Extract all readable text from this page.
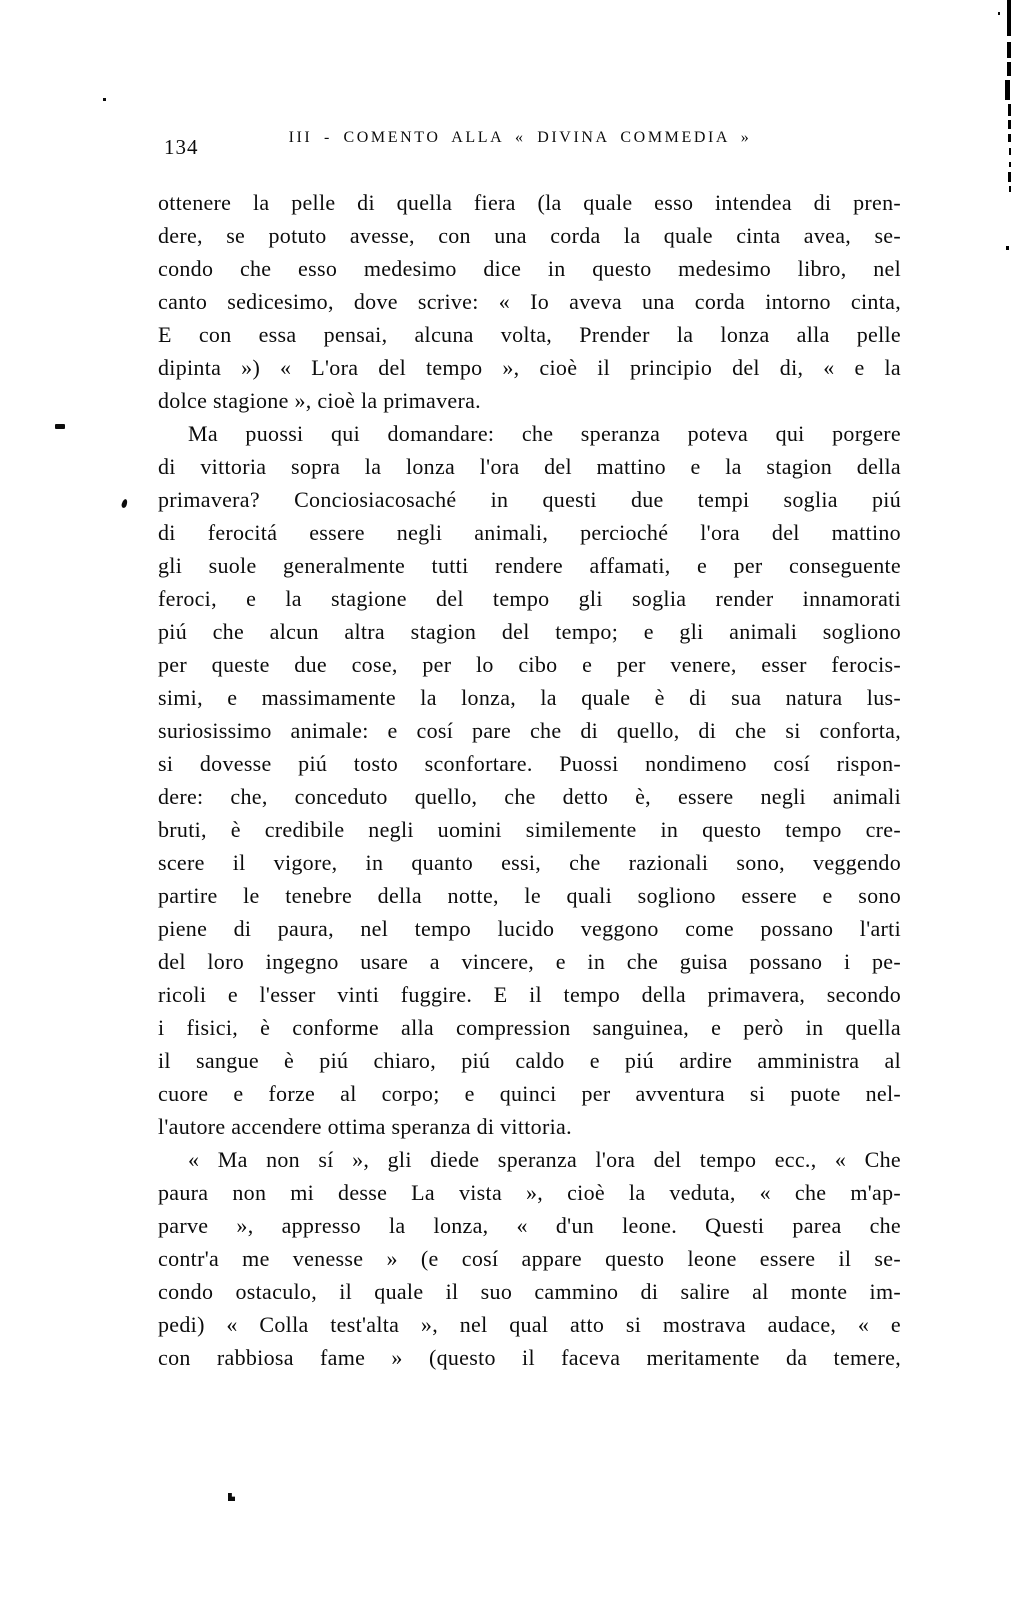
134	III - COMENTO ALLA « DIVINA COMMEDIA »
ottenere la pelle di quella fiera (la quale esso intendea di pren-
dere, se potuto avesse, con una corda la quale cinta avea, se-
condo che esso medesimo dice in questo medesimo libro, nel
canto sedicesimo, dove scrive: « Io aveva una corda intorno cinta,
E con essa pensai, alcuna volta, Prender la lonza alla pelle
dipinta ») « L'ora del tempo », cioè il principio del di, « e la
dolce stagione », cioè la primavera.
Ma puossi qui domandare: che speranza poteva qui porgere
di vittoria sopra la lonza l'ora del mattino e la stagion della
primavera? Conciosiacosaché in questi due tempi soglia piú
di ferocitá essere negli animali, percioché l'ora del mattino
gli suole generalmente tutti rendere affamati, e per conseguente
feroci, e la stagione del tempo gli soglia render innamorati
piú che alcun altra stagion del tempo; e gli animali sogliono
per queste due cose, per lo cibo e per venere, esser ferocis-
simi, e massimamente la lonza, la quale è di sua natura lus-
suriosissimo animale: e cosí pare che di quello, di che si conforta,
si dovesse piú tosto sconfortare. Puossi nondimeno cosí rispon-
dere: che, conceduto quello, che detto è, essere negli animali
bruti, è credibile negli uomini similemente in questo tempo cre-
scere il vigore, in quanto essi, che razionali sono, veggendo
partire le tenebre della notte, le quali sogliono essere e sono
piene di paura, nel tempo lucido veggono come possano l'arti
del loro ingegno usare a vincere, e in che guisa possano i pe-
ricoli e l'esser vinti fuggire. E il tempo della primavera, secondo
i fisici, è conforme alla compression sanguinea, e però in quella
il sangue è piú chiaro, piú caldo e piú ardire amministra al
cuore e forze al corpo; e quinci per avventura si puote nel-
l'autore accendere ottima speranza di vittoria.
« Ma non sí », gli diede speranza l'ora del tempo ecc., « Che
paura non mi desse La vista », cioè la veduta, « che m'ap-
parve », appresso la lonza, « d'un leone. Questi parea che
contr'a me venesse » (e cosí appare questo leone essere il se-
condo ostaculo, il quale il suo cammino di salire al monte im-
pedi) « Colla test'alta », nel qual atto si mostrava audace, « e
con rabbiosa fame » (questo il faceva meritamente da temere,
